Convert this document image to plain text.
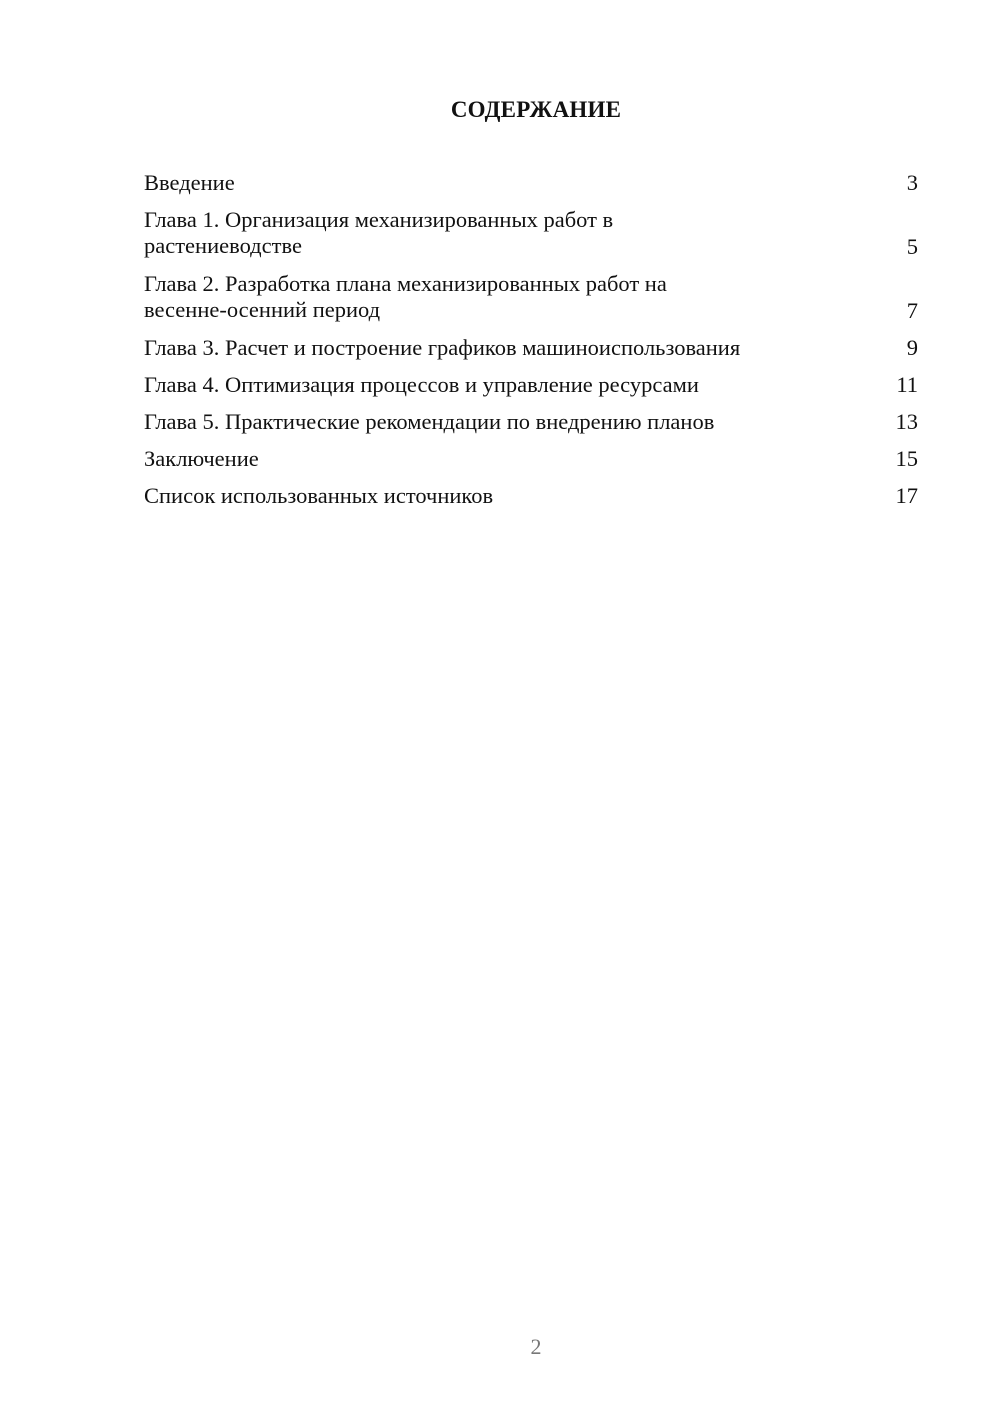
СОДЕРЖАНИЕ
Введение	3
Глава 1. Организация механизированных работ в
растениеводстве	5
Глава 2. Разработка плана механизированных работ на
весенне-осенний период	7
Глава 3. Расчет и построение графиков машиноиспользования	9
Глава 4. Оптимизация процессов и управление ресурсами	11
Глава 5. Практические рекомендации по внедрению планов	13
Заключение	15
Список использованных источников	17
2
